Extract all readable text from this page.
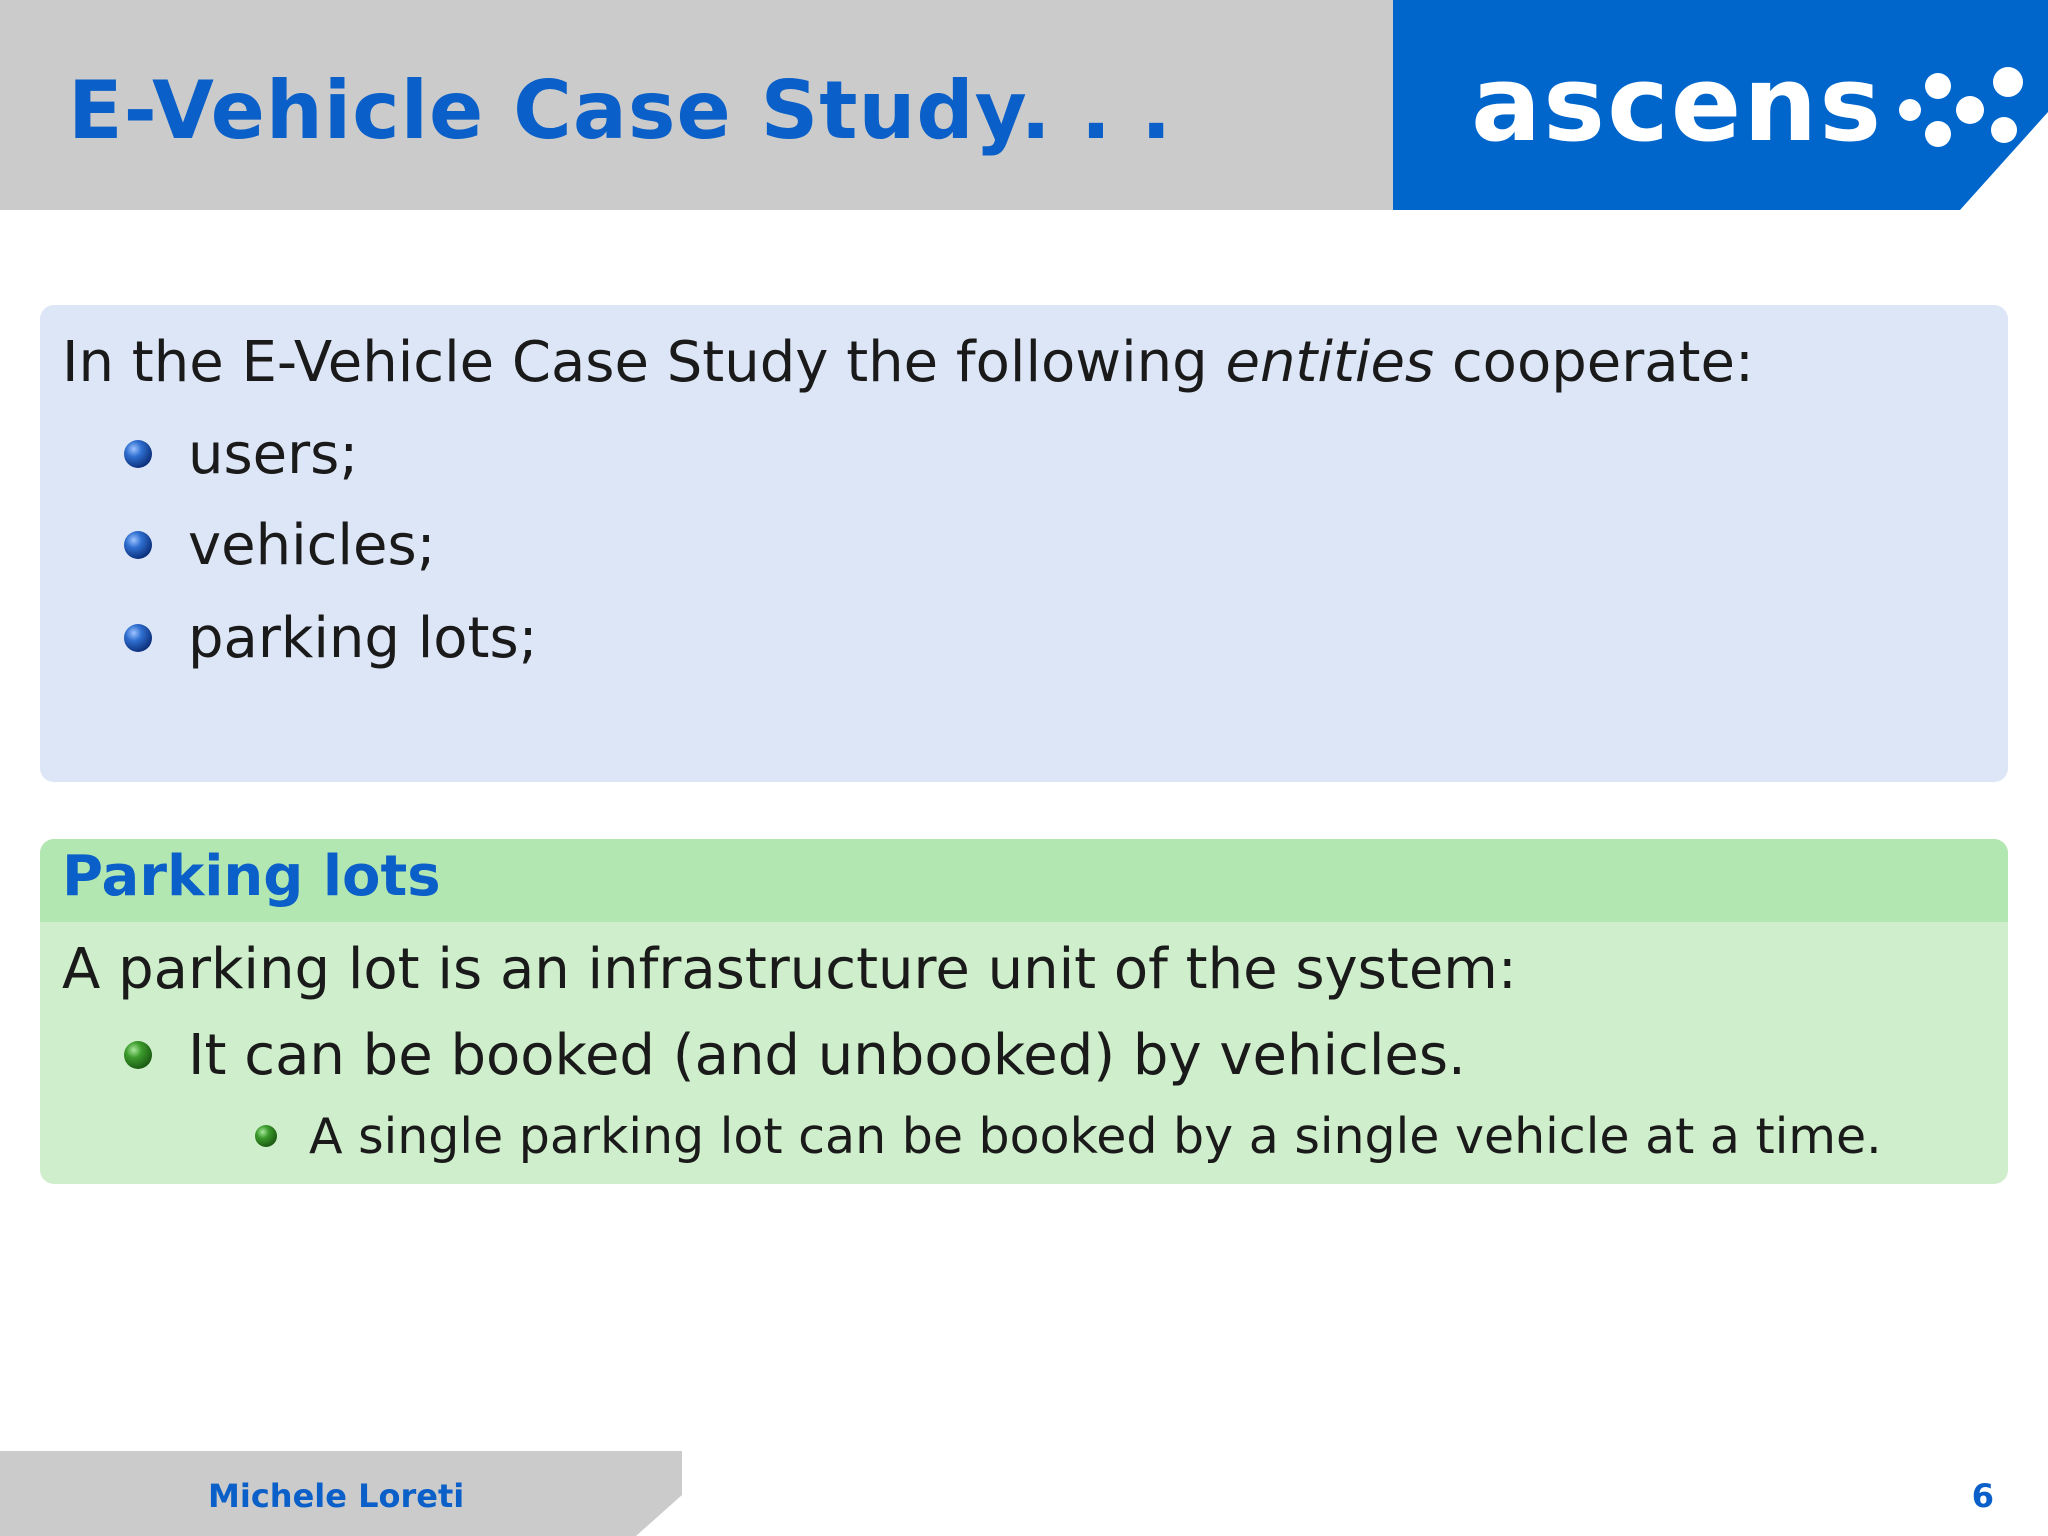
E-Vehicle Case Study. . .	ascens
In the E-Vehicle Case Study the following entities cooperate:
users;
vehicles;
parking lots;
Parking lots
A parking lot is an infrastructure unit of the system:
It can be booked (and unbooked) by vehicles.
A single parking lot can be booked by a single vehicle at a time.
Michele Loreti	6
